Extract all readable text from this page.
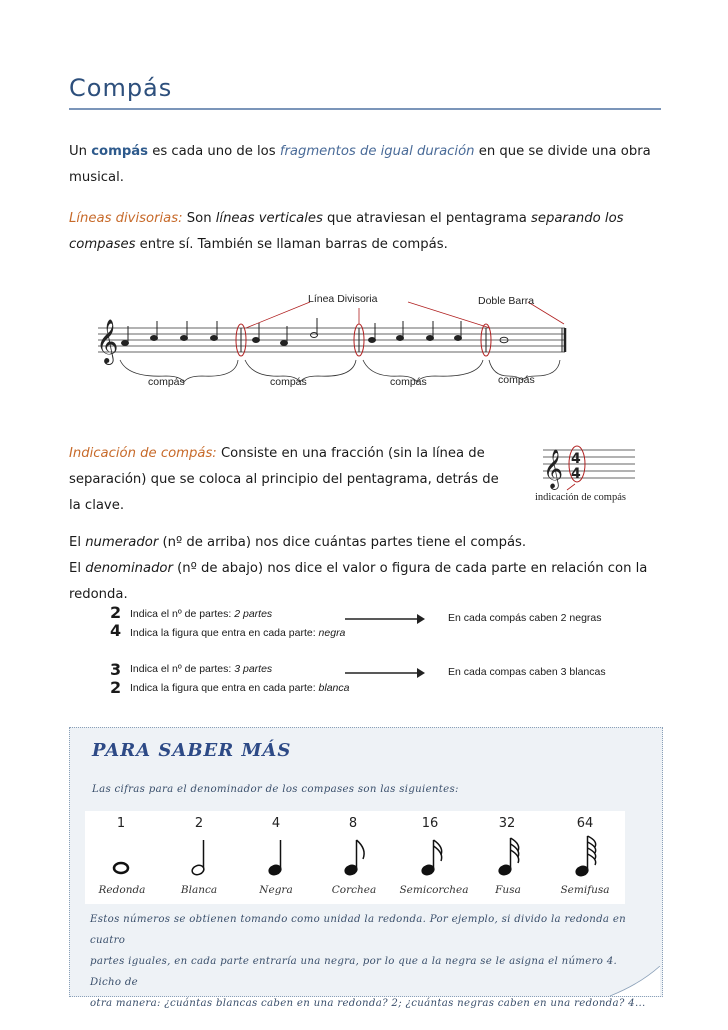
Compás
Un compás es cada uno de los fragmentos de igual duración en que se divide una obra
musical.
Líneas divisorias: Son líneas verticales que atraviesan el pentagrama separando los
compases entre sí. También se llaman barras de compás.
𝄞
Línea Divisoria	Doble Barra
compás	compás	compás	compás
Indicación de compás: Consiste en una fracción (sin la línea de
separación) que se coloca al principio del pentagrama, detrás de
la clave.
𝄞 4
4
indicación de compás
El numerador (nº de arriba) nos dice cuántas partes tiene el compás.
El denominador (nº de abajo) nos dice el valor o figura de cada parte en relación con la
redonda.
2
4
Indica el nº de partes: 2 partes
Indica la figura que entra en cada parte: negra
En cada compás caben 2 negras
3
2
Indica el nº de partes: 3 partes
Indica la figura que entra en cada parte: blanca
En cada compas caben 3 blancas
PARA SABER MÁS
Las cifras para el denominador de los compases son las siguientes:
1	2	4	8	16	32	64
Redonda	Blanca	Negra	Corchea	Semicorchea	Fusa	Semifusa
Estos números se obtienen tomando como unidad la redonda. Por ejemplo, si divido la redonda en cuatro
partes iguales, en cada parte entraría una negra, por lo que a la negra se le asigna el número 4. Dicho de
otra manera: ¿cuántas blancas caben en una redonda? 2; ¿cuántas negras caben en una redonda? 4...
